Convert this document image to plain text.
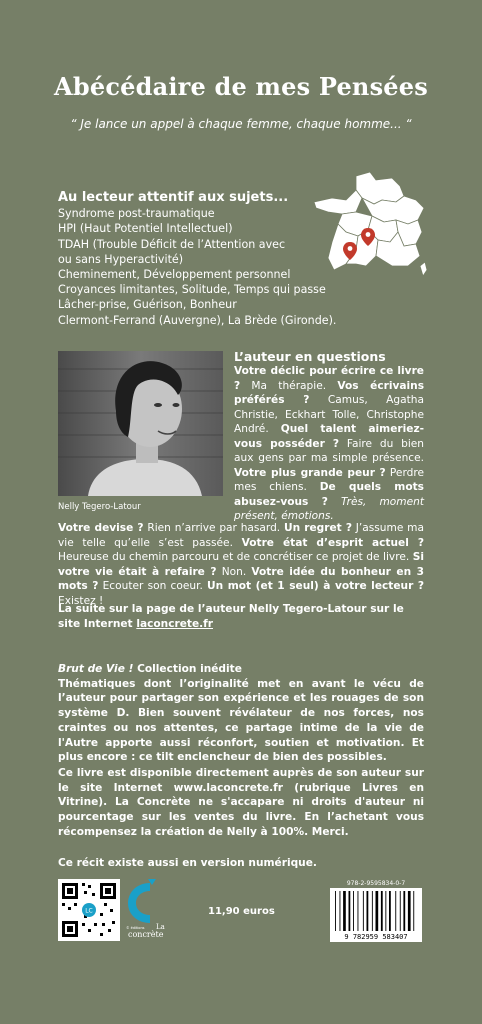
Abécédaire de mes Pensées
“ Je lance un appel à chaque femme, chaque homme... “
Au lecteur attentif aux sujets...
Syndrome post-traumatique
HPI (Haut Potentiel Intellectuel)
TDAH (Trouble Déficit de l’Attention avec
ou sans Hyperactivité)
Cheminement, Développement personnel
Croyances limitantes, Solitude, Temps qui passe
Lâcher-prise, Guérison, Bonheur
Clermont-Ferrand (Auvergne), La Brède (Gironde).
Nelly Tegero-Latour
L’auteur en questions
Votre déclic pour écrire ce livre ? Ma thérapie. Vos écrivains préférés ? Camus, Agatha Christie, Eckhart Tolle, Christophe André. Quel talent aimeriez-vous posséder ? Faire du bien aux gens par ma simple présence. Votre plus grande peur ? Perdre mes chiens. De quels mots abusez-vous ? Très, moment présent, émotions.
Votre devise ? Rien n’arrive par hasard. Un regret ? J’assume ma vie telle qu’elle s’est passée. Votre état d’esprit actuel ? Heureuse du chemin parcouru et de concrétiser ce projet de livre. Si votre vie était à refaire ? Non. Votre idée du bonheur en 3 mots ? Ecouter son coeur. Un mot (et 1 seul) à votre lecteur ? Existez !
La suite sur la page de l’auteur Nelly Tegero-Latour sur le site Internet laconcrete.fr
Brut de Vie ! Collection inédite
Thématiques dont l’originalité met en avant le vécu de l’auteur pour partager son expérience et les rouages de son système D. Bien souvent révélateur de nos forces, nos craintes ou nos attentes, ce partage intime de la vie de l'Autre apporte aussi réconfort, soutien et motivation. Et plus encore : ce tilt enclencheur de bien des possibles.
Ce livre est disponible directement auprès de son auteur sur le site Internet www.laconcrete.fr (rubrique Livres en Vitrine). La Concrète ne s'accapare ni droits d'auteur ni pourcentage sur les ventes du livre. En l’achetant vous récompensez la création de Nelly à 100%. Merci.
Ce récit existe aussi en version numérique.
LC
© éditions La
concrète
11,90 euros
978-2-9595834-0-7
9 782959 583407
